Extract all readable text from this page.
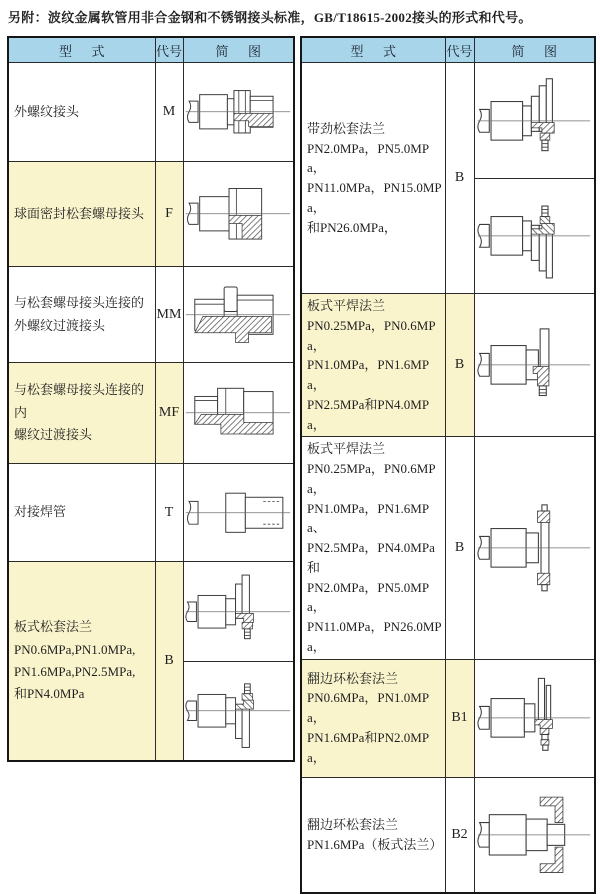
另附：波纹金属软管用非合金钢和不锈钢接头标准，GB/T18615-2002接头的形式和代号。
型      式	代号	简      图

外螺纹接头	M	

球面密封松套螺母接头	F	

与松套螺母接头连接的
外螺纹过渡接头	MM	

与松套螺母接头连接的内
螺纹过渡接头	MF	

对接焊管	T	

板式松套法兰
PN0.6MPa,PN1.0MPa,
PN1.6MPa,PN2.5MPa,
和PN4.0MPa	B	
型      式	代号	简      图

带劲松套法兰
PN2.0MPa，PN5.0MPa，
PN11.0MPa，PN15.0MPa，
和PN26.0MPa，	B	

板式平焊法兰
PN0.25MPa，PN0.6MPa，
PN1.0MPa，PN1.6MPa，
PN2.5MPa和PN4.0MPa，	B	

板式平焊法兰
PN0.25MPa，PN0.6MPa，
PN1.0MPa，PN1.6MPa、
PN2.5MPa，PN4.0MPa 和
PN2.0MPa，PN5.0MPa，
PN11.0MPa，PN26.0MPa，
	B	

翻边环松套法兰
PN0.6MPa，PN1.0MPa，
PN1.6MPa和PN2.0MPa，	B1	

翻边环松套法兰
PN1.6MPa（板式法兰）	B2	
